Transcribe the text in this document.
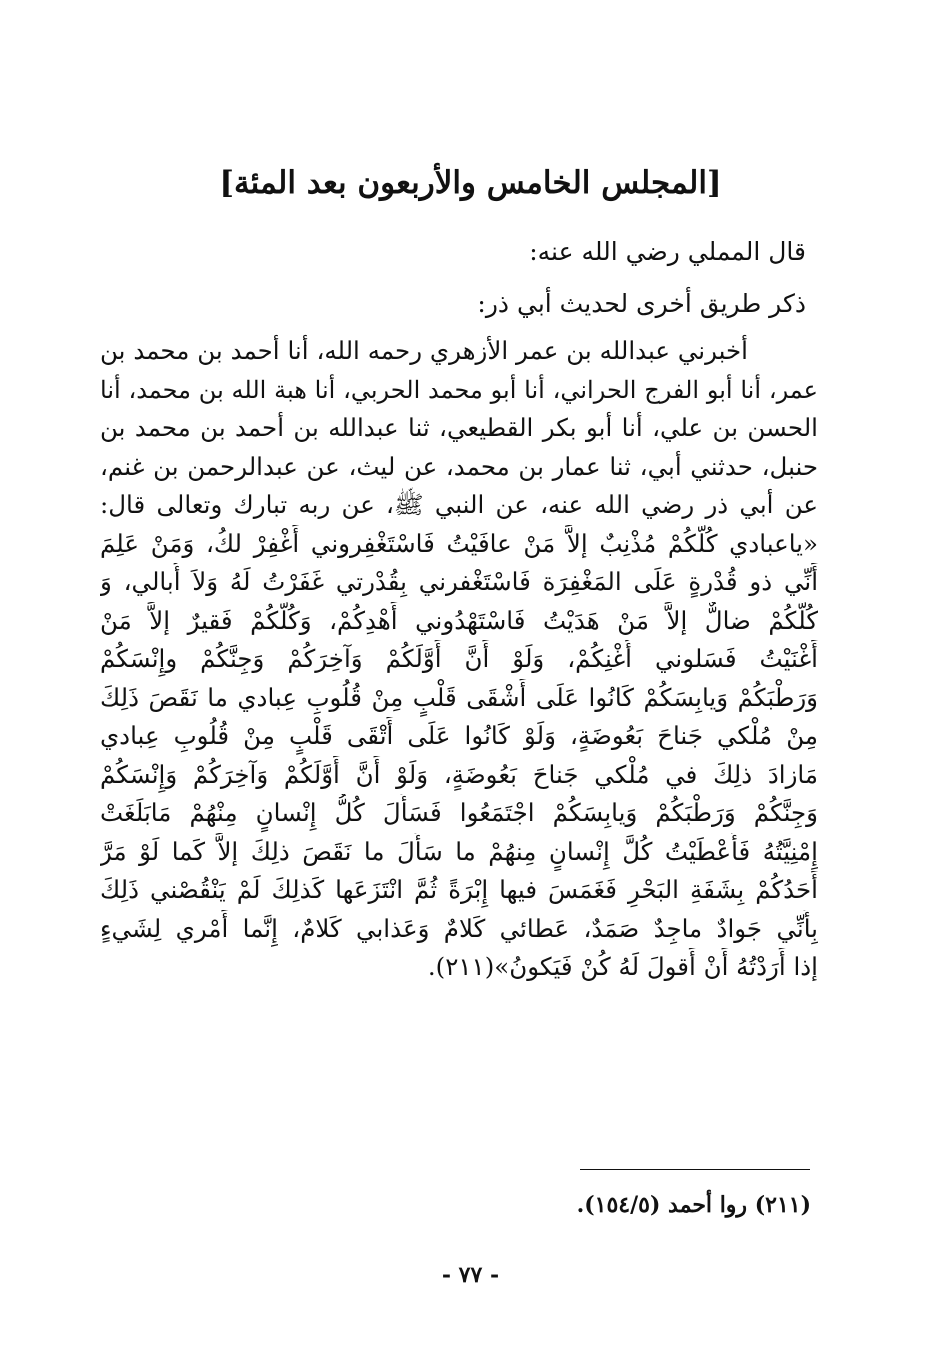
[المجلس الخامس والأربعون بعد المئة]
قال المملي رضي الله عنه:
ذكر طريق أخرى لحديث أبي ذر:
أخبرني عبدالله بن عمر الأزهري رحمه الله، أنا أحمد بن محمد بن
عمر، أنا أبو الفرج الحراني، أنا أبو محمد الحربي، أنا هبة الله بن محمد، أنا
الحسن بن علي، أنا أبو بكر القطيعي، ثنا عبدالله بن أحمد بن محمد بن
حنبل، حدثني أبي، ثنا عمار بن محمد، عن ليث، عن عبدالرحمن بن غنم،
عن أبي ذر رضي الله عنه، عن النبي ﷺ، عن ربه تبارك وتعالى قال:
«ياعبادي كُلُّكُمْ مُذْنِبٌ إلاَّ مَنْ عافَيْتُ فَاسْتَغْفِروني أَغْفِرْ لكُ، وَمَنْ عَلِمَ
أَنِّي ذو قُدْرةٍ عَلَى المَغْفِرَة فَاسْتَغْفرني بِقُدْرتي غَفَرْتُ لَهُ وَلاَ أُبالي، وَ
كُلُّكُمْ ضالٌّ إلاَّ مَنْ هَدَيْتُ فَاسْتَهْدُوني أَهْدِكُمْ، وَكُلُّكُمْ فَقيرٌ إلاَّ مَنْ
أَغْنَيْتُ فَسَلوني أُغْنِكُمْ، وَلَوْ أَنَّ أَوَّلَكُمْ وَآخِرَكُمْ وَجِنَّكُمْ وإِنْسَكُمْ
وَرَطْبَكُمْ وَيابِسَكُمْ كَانُوا عَلَى أَشْقَى قَلْبٍ مِنْ قُلُوبِ عِبادي ما نَقَصَ ذَلِكَ
مِنْ مُلْكي جَناحَ بَعُوضَةٍ، وَلَوْ كَانُوا عَلَى أَتْقَى قَلْبٍ مِنْ قُلُوبِ عِبادي
مَازادَ ذلِكَ في مُلْكي جَناحَ بَعُوضَةٍ، وَلَوْ أَنَّ أَوَّلَكُمْ وَآخِرَكُمْ وَإِنْسَكُمْ
وَجِنَّكُمْ وَرَطْبَكُمْ وَيابِسَكُمْ اجْتَمَعُوا فَسَأَلَ كُلُّ إِنْسانٍ مِنْهُمْ مَابَلَغَتْ
إِمْنِيَّتُهُ فَأَعْطَيْتُ كُلَّ إِنْسانٍ مِنهُمْ ما سَأَلَ ما نَقَصَ ذلِكَ إلاَّ كَما لَوْ مَرَّ
أَحَدُكُمْ بِشَفَةِ البَحْرِ فَغَمَسَ فيها إِبْرَةً ثُمَّ انْتَزَعَها كَذلِكَ لَمْ يَنْقُصْني ذَلِكَ
بِأَنِّي جَوادٌ ماجِدٌ صَمَدٌ، عَطائي كَلامٌ وَعَذابي كَلامٌ، إِنَّما أَمْري لِشَيءٍ
إذا أَرَدْتُهُ أَنْ أَقولَ لَهُ كُنْ فَيَكونُ»(٢١١).
(٢١١) روا أحمد (١٥٤/٥).
- ٧٧ -
